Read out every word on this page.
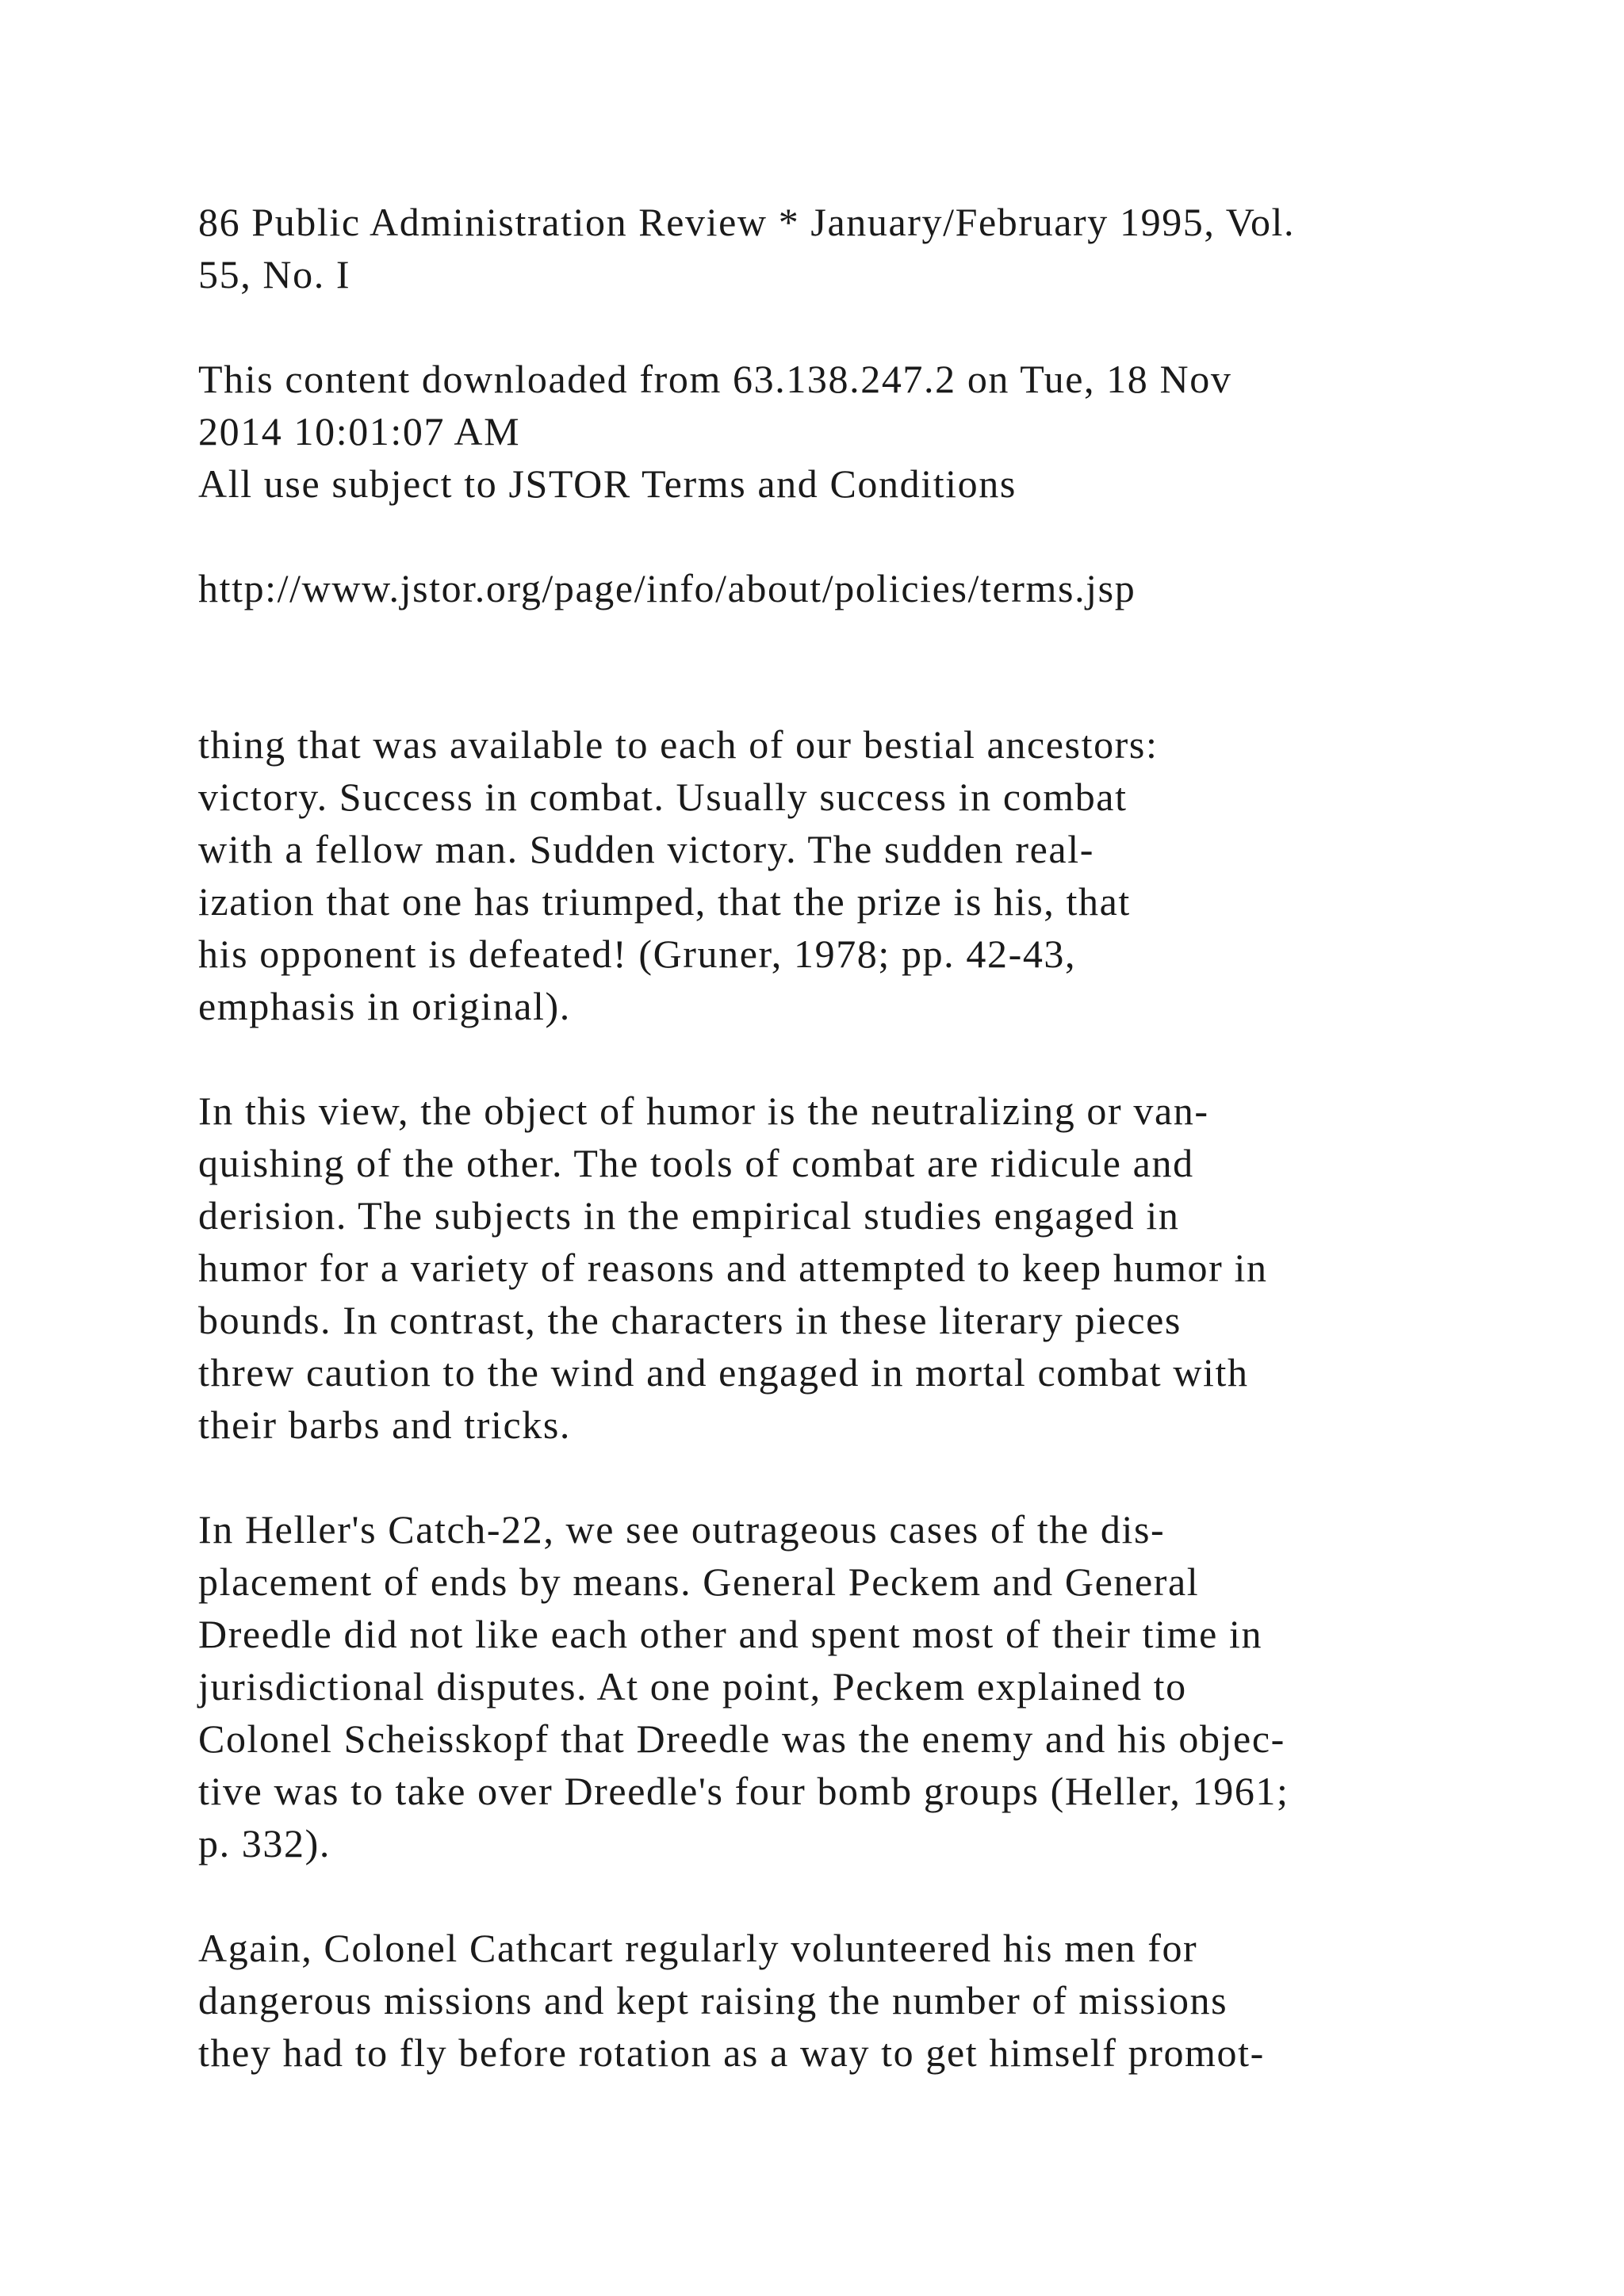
86 Public Administration Review * January/February 1995, Vol.

55, No. I

This content downloaded from 63.138.247.2 on Tue, 18 Nov

2014 10:01:07 AM

All use subject to JSTOR Terms and Conditions

http://www.jstor.org/page/info/about/policies/terms.jsp

thing that was available to each of our bestial ancestors:

victory. Success in combat. Usually success in combat

with a fellow man. Sudden victory. The sudden real-

ization that one has triumped, that the prize is his, that

his opponent is defeated! (Gruner, 1978; pp. 42-43,

emphasis in original).

In this view, the object of humor is the neutralizing or van-

quishing of the other. The tools of combat are ridicule and

derision. The subjects in the empirical studies engaged in

humor for a variety of reasons and attempted to keep humor in

bounds. In contrast, the characters in these literary pieces

threw caution to the wind and engaged in mortal combat with

their barbs and tricks.

In Heller's Catch-22, we see outrageous cases of the dis-

placement of ends by means. General Peckem and General

Dreedle did not like each other and spent most of their time in

jurisdictional disputes. At one point, Peckem explained to

Colonel Scheisskopf that Dreedle was the enemy and his objec-

tive was to take over Dreedle's four bomb groups (Heller, 1961;

p. 332).

Again, Colonel Cathcart regularly volunteered his men for

dangerous missions and kept raising the number of missions

they had to fly before rotation as a way to get himself promot-
